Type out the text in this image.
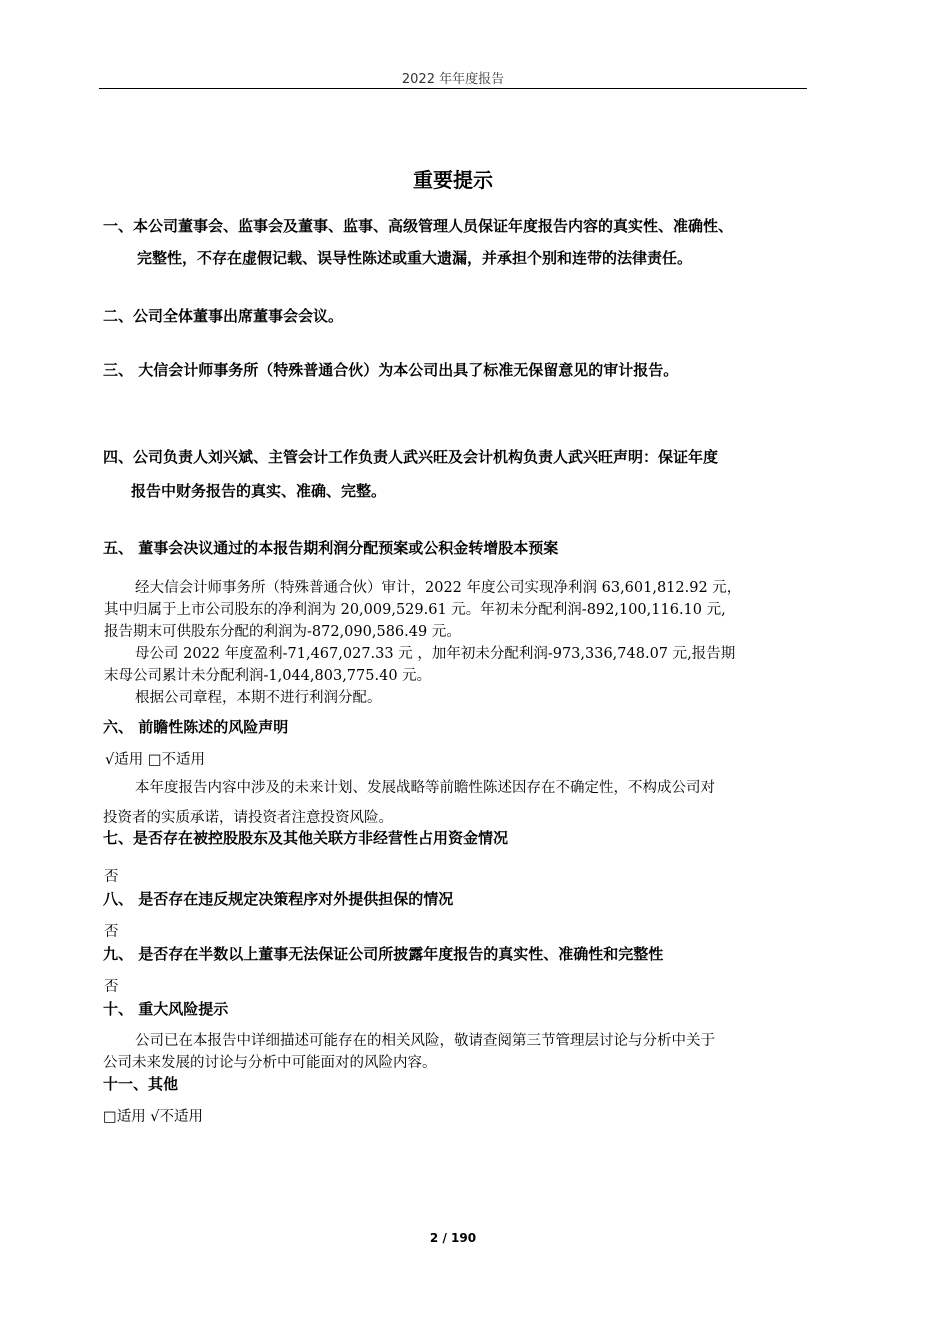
2022 年年度报告
重要提示
一、本公司董事会、监事会及董事、监事、高级管理人员保证年度报告内容的真实性、准确性、
完整性，不存在虚假记载、误导性陈述或重大遗漏，并承担个别和连带的法律责任。
二、公司全体董事出席董事会会议。
三、 大信会计师事务所（特殊普通合伙）为本公司出具了标准无保留意见的审计报告。
四、公司负责人刘兴斌、主管会计工作负责人武兴旺及会计机构负责人武兴旺声明：保证年度
报告中财务报告的真实、准确、完整。
五、 董事会决议通过的本报告期利润分配预案或公积金转增股本预案
经大信会计师事务所（特殊普通合伙）审计，2022 年度公司实现净利润 63,601,812.92 元，
其中归属于上市公司股东的净利润为 20,009,529.61 元。年初未分配利润-892,100,116.10 元,
报告期末可供股东分配的利润为-872,090,586.49 元。
母公司 2022 年度盈利-71,467,027.33 元 ，加年初未分配利润-973,336,748.07 元,报告期
末母公司累计未分配利润-1,044,803,775.40 元。
根据公司章程，本期不进行利润分配。
六、 前瞻性陈述的风险声明
√适用 □不适用
本年度报告内容中涉及的未来计划、发展战略等前瞻性陈述因存在不确定性，不构成公司对
投资者的实质承诺，请投资者注意投资风险。
七、是否存在被控股股东及其他关联方非经营性占用资金情况
否
八、 是否存在违反规定决策程序对外提供担保的情况
否
九、 是否存在半数以上董事无法保证公司所披露年度报告的真实性、准确性和完整性
否
十、 重大风险提示
公司已在本报告中详细描述可能存在的相关风险，敬请查阅第三节管理层讨论与分析中关于
公司未来发展的讨论与分析中可能面对的风险内容。
十一、其他
□适用 √不适用
2 / 190
